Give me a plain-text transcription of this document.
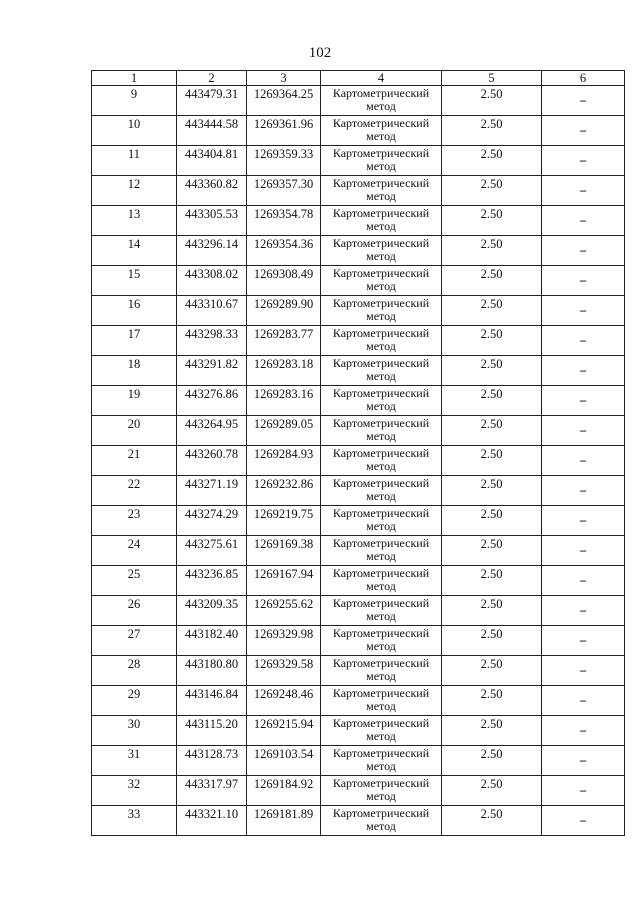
102
1	2	3	4	5	6
9	443479.31	1269364.25	Картометрический метод	2.50	–
10	443444.58	1269361.96	Картометрический метод	2.50	–
11	443404.81	1269359.33	Картометрический метод	2.50	–
12	443360.82	1269357.30	Картометрический метод	2.50	–
13	443305.53	1269354.78	Картометрический метод	2.50	–
14	443296.14	1269354.36	Картометрический метод	2.50	–
15	443308.02	1269308.49	Картометрический метод	2.50	–
16	443310.67	1269289.90	Картометрический метод	2.50	–
17	443298.33	1269283.77	Картометрический метод	2.50	–
18	443291.82	1269283.18	Картометрический метод	2.50	–
19	443276.86	1269283.16	Картометрический метод	2.50	–
20	443264.95	1269289.05	Картометрический метод	2.50	–
21	443260.78	1269284.93	Картометрический метод	2.50	–
22	443271.19	1269232.86	Картометрический метод	2.50	–
23	443274.29	1269219.75	Картометрический метод	2.50	–
24	443275.61	1269169.38	Картометрический метод	2.50	–
25	443236.85	1269167.94	Картометрический метод	2.50	–
26	443209.35	1269255.62	Картометрический метод	2.50	–
27	443182.40	1269329.98	Картометрический метод	2.50	–
28	443180.80	1269329.58	Картометрический метод	2.50	–
29	443146.84	1269248.46	Картометрический метод	2.50	–
30	443115.20	1269215.94	Картометрический метод	2.50	–
31	443128.73	1269103.54	Картометрический метод	2.50	–
32	443317.97	1269184.92	Картометрический метод	2.50	–
33	443321.10	1269181.89	Картометрический метод	2.50	–
